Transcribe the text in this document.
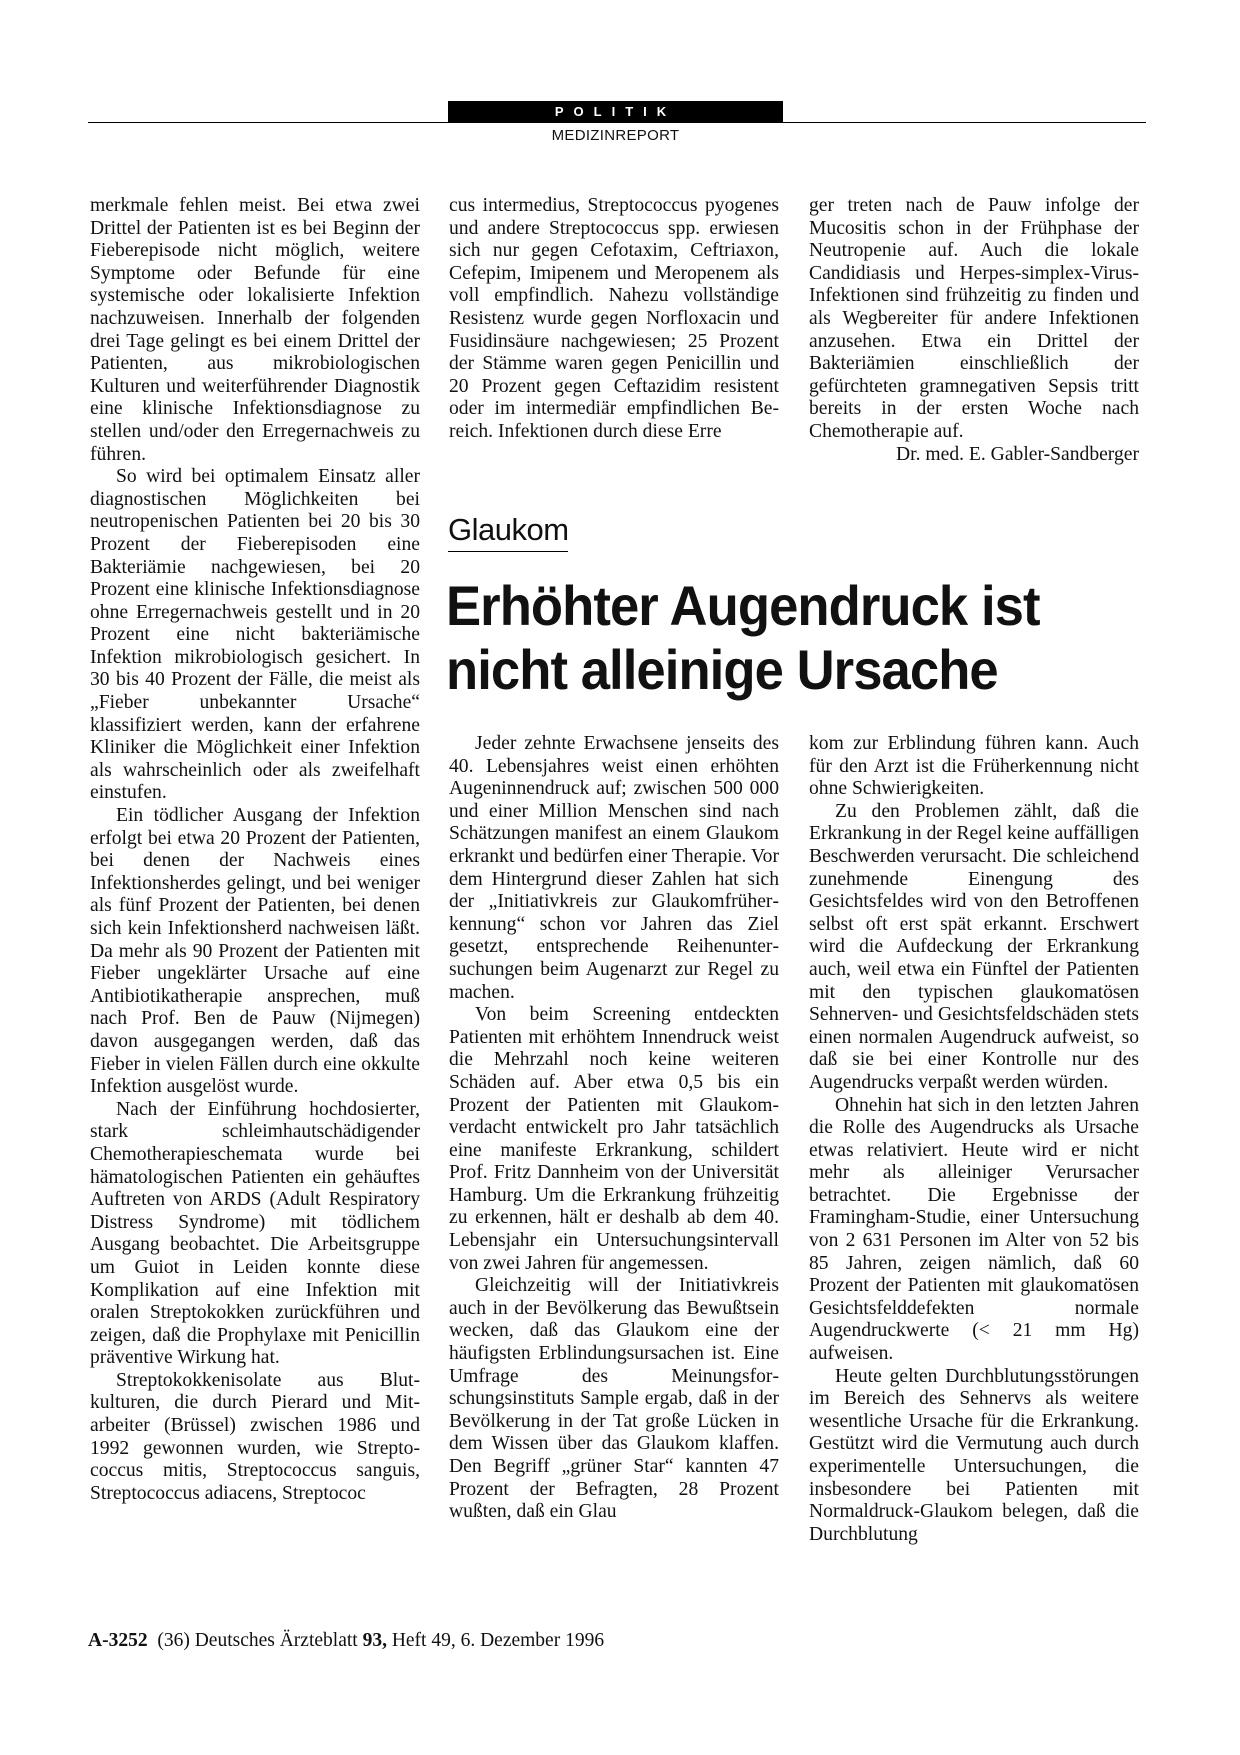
POLITIK
MEDIZINREPORT

merkmale fehlen meist. Bei etwa zwei Drittel der Patienten ist es bei Beginn der Fieberepisode nicht möglich, weitere Symptome oder Befunde für eine systemische oder lokalisierte Infektion nachzuweisen. Innerhalb der folgenden drei Tage gelingt es bei einem Drittel der Patienten, aus mikrobiologischen Kulturen und weiterführender Diagnostik eine klinische Infektionsdiagnose zu stellen und/oder den Erregernachweis zu führen.

So wird bei optimalem Einsatz aller diagnostischen Möglichkeiten bei neutropenischen Patienten bei 20 bis 30 Prozent der Fieberepisoden eine Bakteriämie nachgewiesen, bei 20 Prozent eine klinische Infektionsdiagnose ohne Erregernachweis gestellt und in 20 Prozent eine nicht bakteriämische Infektion mikrobiologisch gesichert. In 30 bis 40 Prozent der Fälle, die meist als „Fieber unbekannter Ursache“ klassifiziert werden, kann der erfahrene Kliniker die Möglichkeit einer Infektion als wahrscheinlich oder als zweifelhaft einstufen.

Ein tödlicher Ausgang der Infektion erfolgt bei etwa 20 Prozent der Patienten, bei denen der Nachweis eines Infektionsherdes gelingt, und bei weniger als fünf Prozent der Patienten, bei denen sich kein Infektionsherd nachweisen läßt. Da mehr als 90 Prozent der Patienten mit Fieber ungeklärter Ursache auf eine Antibiotikatherapie ansprechen, muß nach Prof. Ben de Pauw (Nijmegen) davon ausgegangen werden, daß das Fieber in vielen Fällen durch eine okkulte Infektion ausgelöst wurde.

Nach der Einführung hochdosierter, stark schleimhautschädigender Chemotherapieschemata wurde bei hämatologischen Patienten ein gehäuftes Auftreten von ARDS (Adult Respiratory Distress Syndrome) mit tödlichem Ausgang beobachtet. Die Arbeitsgruppe um Guiot in Leiden konnte diese Komplikation auf eine Infektion mit oralen Streptokokken zurückführen und zeigen, daß die Prophylaxe mit Penicillin präventive Wirkung hat.

Streptokokkenisolate aus Blutkulturen, die durch Pierard und Mitarbeiter (Brüssel) zwischen 1986 und 1992 gewonnen wurden, wie Streptococcus mitis, Streptococcus sanguis, Streptococcus adiacens, Streptococ

cus intermedius, Streptococcus pyogenes und andere Streptococcus spp. erwiesen sich nur gegen Cefotaxim, Ceftriaxon, Cefepim, Imipenem und Meropenem als voll empfindlich. Nahezu vollständige Resistenz wurde gegen Norfloxacin und Fusidinsäure nachgewiesen; 25 Prozent der Stämme waren gegen Penicillin und 20 Prozent gegen Ceftazidim resistent oder im intermediär empfindlichen Bereich. Infektionen durch diese Erre

ger treten nach de Pauw infolge der Mucositis schon in der Frühphase der Neutropenie auf. Auch die lokale Candidiasis und Herpes-simplex-Virus-Infektionen sind frühzeitig zu finden und als Wegbereiter für andere Infektionen anzusehen. Etwa ein Drittel der Bakteriämien einschließlich der gefürchteten gramnegativen Sepsis tritt bereits in der ersten Woche nach Chemotherapie auf.

Dr. med. E. Gabler-Sandberger

Glaukom
Erhöhter Augendruck ist
nicht alleinige Ursache

Jeder zehnte Erwachsene jenseits des 40. Lebensjahres weist einen erhöhten Augeninnendruck auf; zwischen 500 000 und einer Million Menschen sind nach Schätzungen manifest an einem Glaukom erkrankt und bedürfen einer Therapie. Vor dem Hintergrund dieser Zahlen hat sich der „Initiativkreis zur Glaukomfrüherkennung“ schon vor Jahren das Ziel gesetzt, entsprechende Reihenuntersuchungen beim Augenarzt zur Regel zu machen.

Von beim Screening entdeckten Patienten mit erhöhtem Innendruck weist die Mehrzahl noch keine weiteren Schäden auf. Aber etwa 0,5 bis ein Prozent der Patienten mit Glaukomverdacht entwickelt pro Jahr tatsächlich eine manifeste Erkrankung, schildert Prof. Fritz Dannheim von der Universität Hamburg. Um die Erkrankung frühzeitig zu erkennen, hält er deshalb ab dem 40. Lebensjahr ein Untersuchungsintervall von zwei Jahren für angemessen.

Gleichzeitig will der Initiativkreis auch in der Bevölkerung das Bewußtsein wecken, daß das Glaukom eine der häufigsten Erblindungsursachen ist. Eine Umfrage des Meinungsforschungsinstituts Sample ergab, daß in der Bevölkerung in der Tat große Lücken in dem Wissen über das Glaukom klaffen. Den Begriff „grüner Star“ kannten 47 Prozent der Befragten, 28 Prozent wußten, daß ein Glau

kom zur Erblindung führen kann. Auch für den Arzt ist die Früherkennung nicht ohne Schwierigkeiten.

Zu den Problemen zählt, daß die Erkrankung in der Regel keine auffälligen Beschwerden verursacht. Die schleichend zunehmende Einengung des Gesichtsfeldes wird von den Betroffenen selbst oft erst spät erkannt. Erschwert wird die Aufdeckung der Erkrankung auch, weil etwa ein Fünftel der Patienten mit den typischen glaukomatösen Sehnerven- und Gesichtsfeldschäden stets einen normalen Augendruck aufweist, so daß sie bei einer Kontrolle nur des Augendrucks verpaßt werden würden.

Ohnehin hat sich in den letzten Jahren die Rolle des Augendrucks als Ursache etwas relativiert. Heute wird er nicht mehr als alleiniger Verursacher betrachtet. Die Ergebnisse der Framingham-Studie, einer Untersuchung von 2 631 Personen im Alter von 52 bis 85 Jahren, zeigen nämlich, daß 60 Prozent der Patienten mit glaukomatösen Gesichtsfelddefekten normale Augendruckwerte (< 21 mm Hg) aufweisen.

Heute gelten Durchblutungsstörungen im Bereich des Sehnervs als weitere wesentliche Ursache für die Erkrankung. Gestützt wird die Vermutung auch durch experimentelle Untersuchungen, die insbesondere bei Patienten mit Normaldruck-Glaukom belegen, daß die Durchblutung

A-3252 (36) Deutsches Ärzteblatt 93, Heft 49, 6. Dezember 1996
